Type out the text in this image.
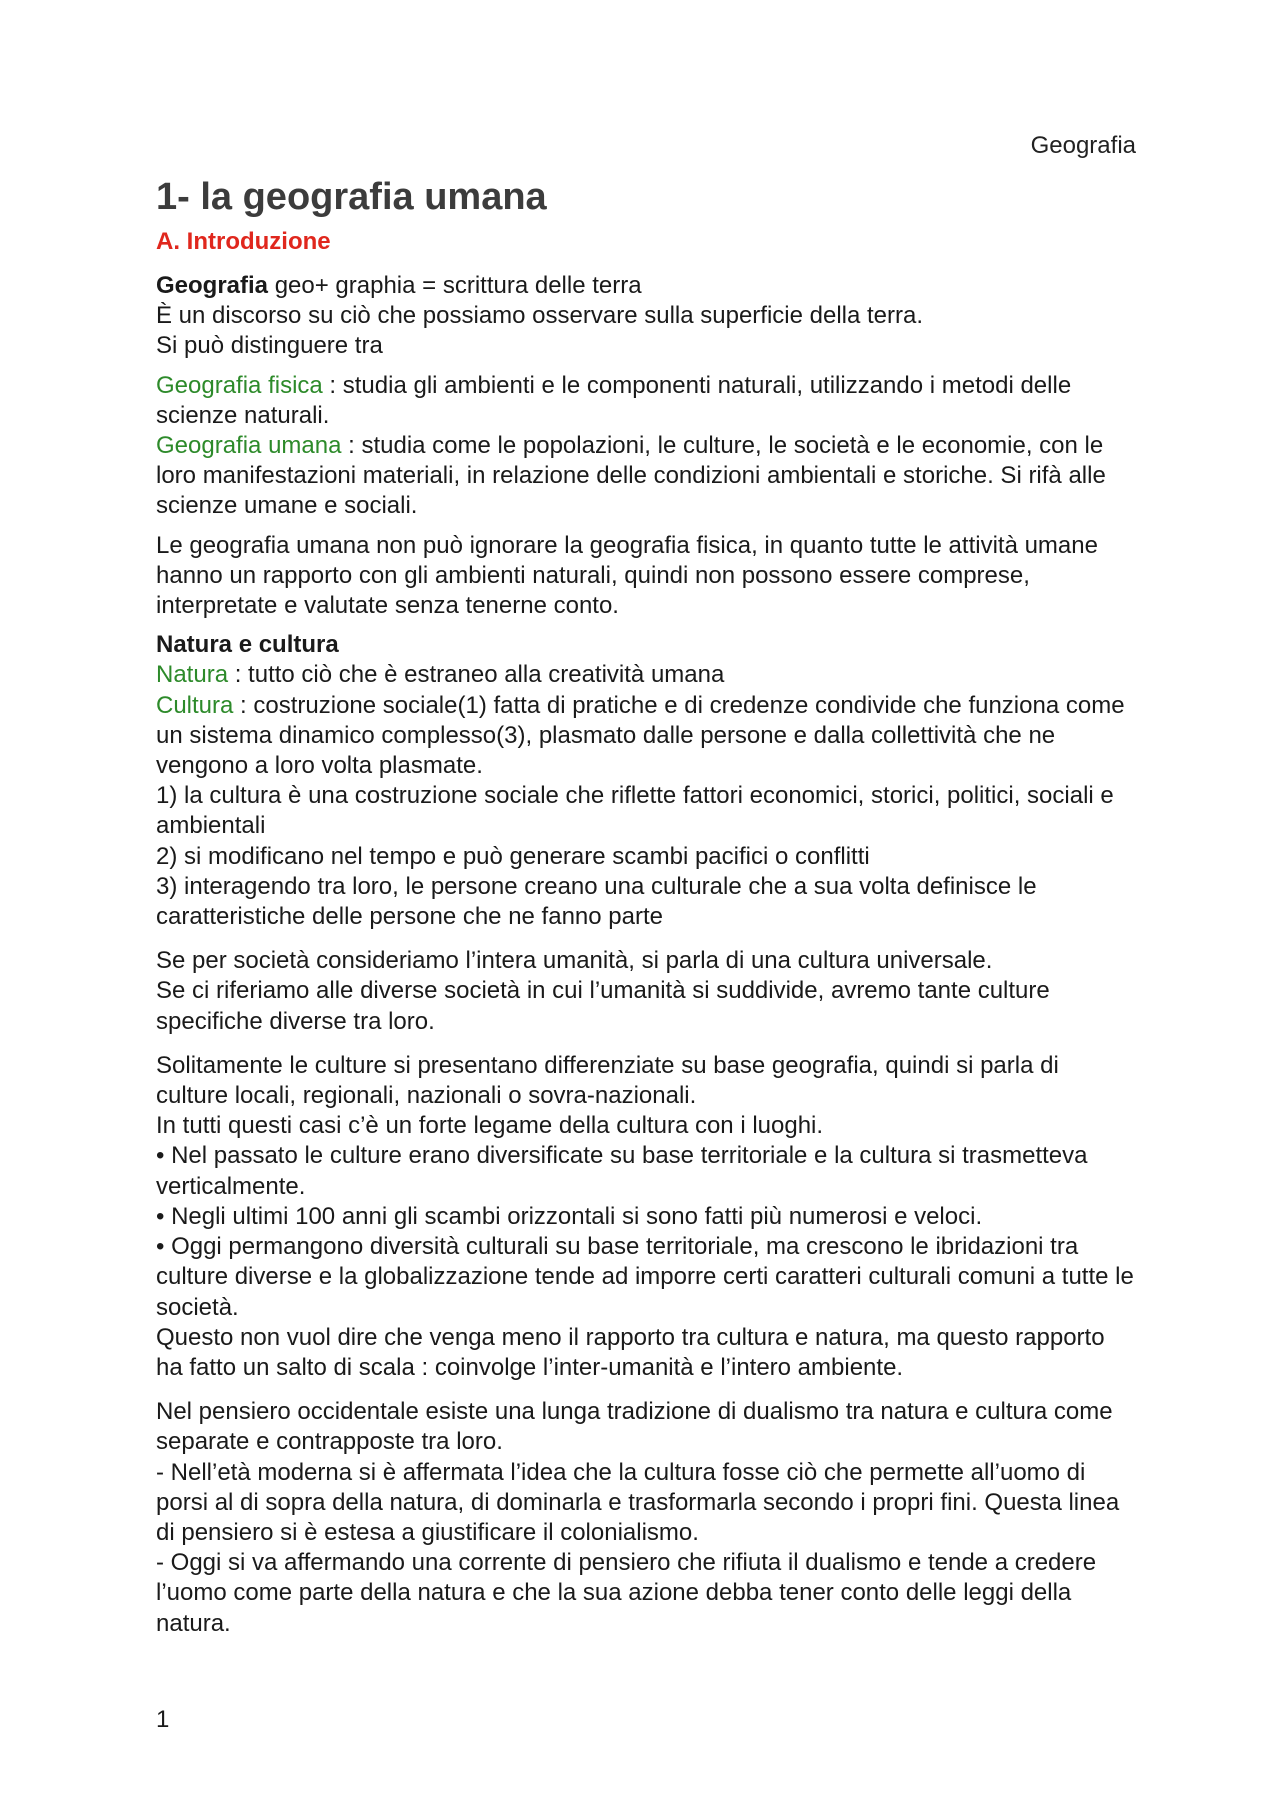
Geografia
1- la geografia umana
A. Introduzione

Geografia geo+ graphia = scrittura delle terra

È un discorso su ciò che possiamo osservare sulla superficie della terra.

Si può distinguere tra

Geografia fisica : studia gli ambienti e le componenti naturali, utilizzando i metodi delle scienze naturali.

Geografia umana : studia come le popolazioni, le culture, le società e le economie, con le loro manifestazioni materiali, in relazione delle condizioni ambientali e storiche. Si rifà alle scienze umane e sociali.

Le geografia umana non può ignorare la geografia fisica, in quanto tutte le attività umane hanno un rapporto con gli ambienti naturali, quindi non possono essere comprese, interpretate e valutate senza tenerne conto.

Natura e cultura

Natura : tutto ciò che è estraneo alla creatività umana

Cultura : costruzione sociale(1) fatta di pratiche e di credenze condivide che funziona come un sistema dinamico complesso(3), plasmato dalle persone e dalla collettività che ne vengono a loro volta plasmate.

1) la cultura è una costruzione sociale che riflette fattori economici, storici, politici, sociali e ambientali

2) si modificano nel tempo e può generare scambi pacifici o conflitti

3) interagendo tra loro, le persone creano una culturale che a sua volta definisce le caratteristiche delle persone che ne fanno parte

Se per società consideriamo l’intera umanità, si parla di una cultura universale.

Se ci riferiamo alle diverse società in cui l’umanità si suddivide, avremo tante culture specifiche diverse tra loro.

Solitamente le culture si presentano differenziate su base geografia, quindi si parla di culture locali, regionali, nazionali o sovra-nazionali.

In tutti questi casi c’è un forte legame della cultura con i luoghi.

• Nel passato le culture erano diversificate su base territoriale e la cultura si trasmetteva verticalmente.

• Negli ultimi 100 anni gli scambi orizzontali si sono fatti più numerosi e veloci.

• Oggi permangono diversità culturali su base territoriale, ma crescono le ibridazioni tra culture diverse e la globalizzazione tende ad imporre certi caratteri culturali comuni a tutte le società.

Questo non vuol dire che venga meno il rapporto tra cultura e natura, ma questo rapporto ha fatto un salto di scala : coinvolge l’inter-umanità e l’intero ambiente.

Nel pensiero occidentale esiste una lunga tradizione di dualismo tra natura e cultura come separate e contrapposte tra loro.

- Nell’età moderna si è affermata l’idea che la cultura fosse ciò che permette all’uomo di porsi al di sopra della natura, di dominarla e trasformarla secondo i propri fini. Questa linea di pensiero si è estesa a giustificare il colonialismo.

- Oggi si va affermando una corrente di pensiero che rifiuta il dualismo e tende a credere l’uomo come parte della natura e che la sua azione debba tener conto delle leggi della natura.

1
